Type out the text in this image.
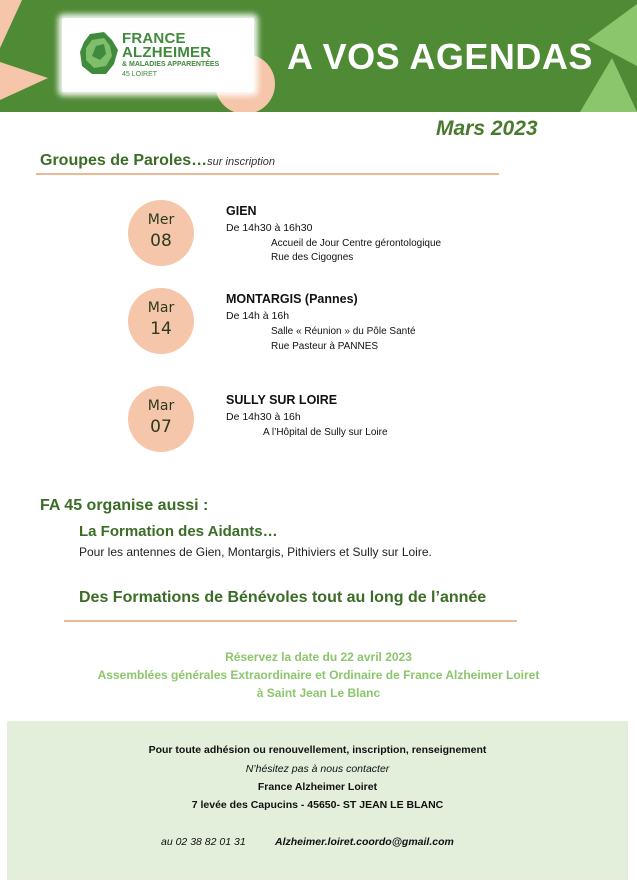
FRANCE
ALZHEIMER
& MALADIES APPARENTÉES
45 LOIRET	A VOS AGENDAS
Mars 2023
Groupes de Paroles…sur inscription
Mer
08
GIEN
De 14h30 à 16h30
Accueil de Jour Centre gérontologique
Rue des Cigognes
Mar
14
MONTARGIS (Pannes)
De 14h à 16h
Salle « Réunion » du Pôle Santé
Rue Pasteur à PANNES
Mar
07
SULLY SUR LOIRE
De 14h30 à 16h
A l’Hôpital de Sully sur Loire
FA 45 organise aussi :
La Formation des Aidants…
Pour les antennes de Gien, Montargis, Pithiviers et Sully sur Loire.
Des Formations de Bénévoles tout au long de l’année
Réservez la date du 22 avril 2023
Assemblées générales Extraordinaire et Ordinaire de France Alzheimer Loiret
à Saint Jean Le Blanc
Pour toute adhésion ou renouvellement, inscription, renseignement
N’hésitez pas à nous contacter
France Alzheimer Loiret
7 levée des Capucins - 45650- ST JEAN LE BLANC
au 02 38 82 01 31	Alzheimer.loiret.coordo@gmail.com
